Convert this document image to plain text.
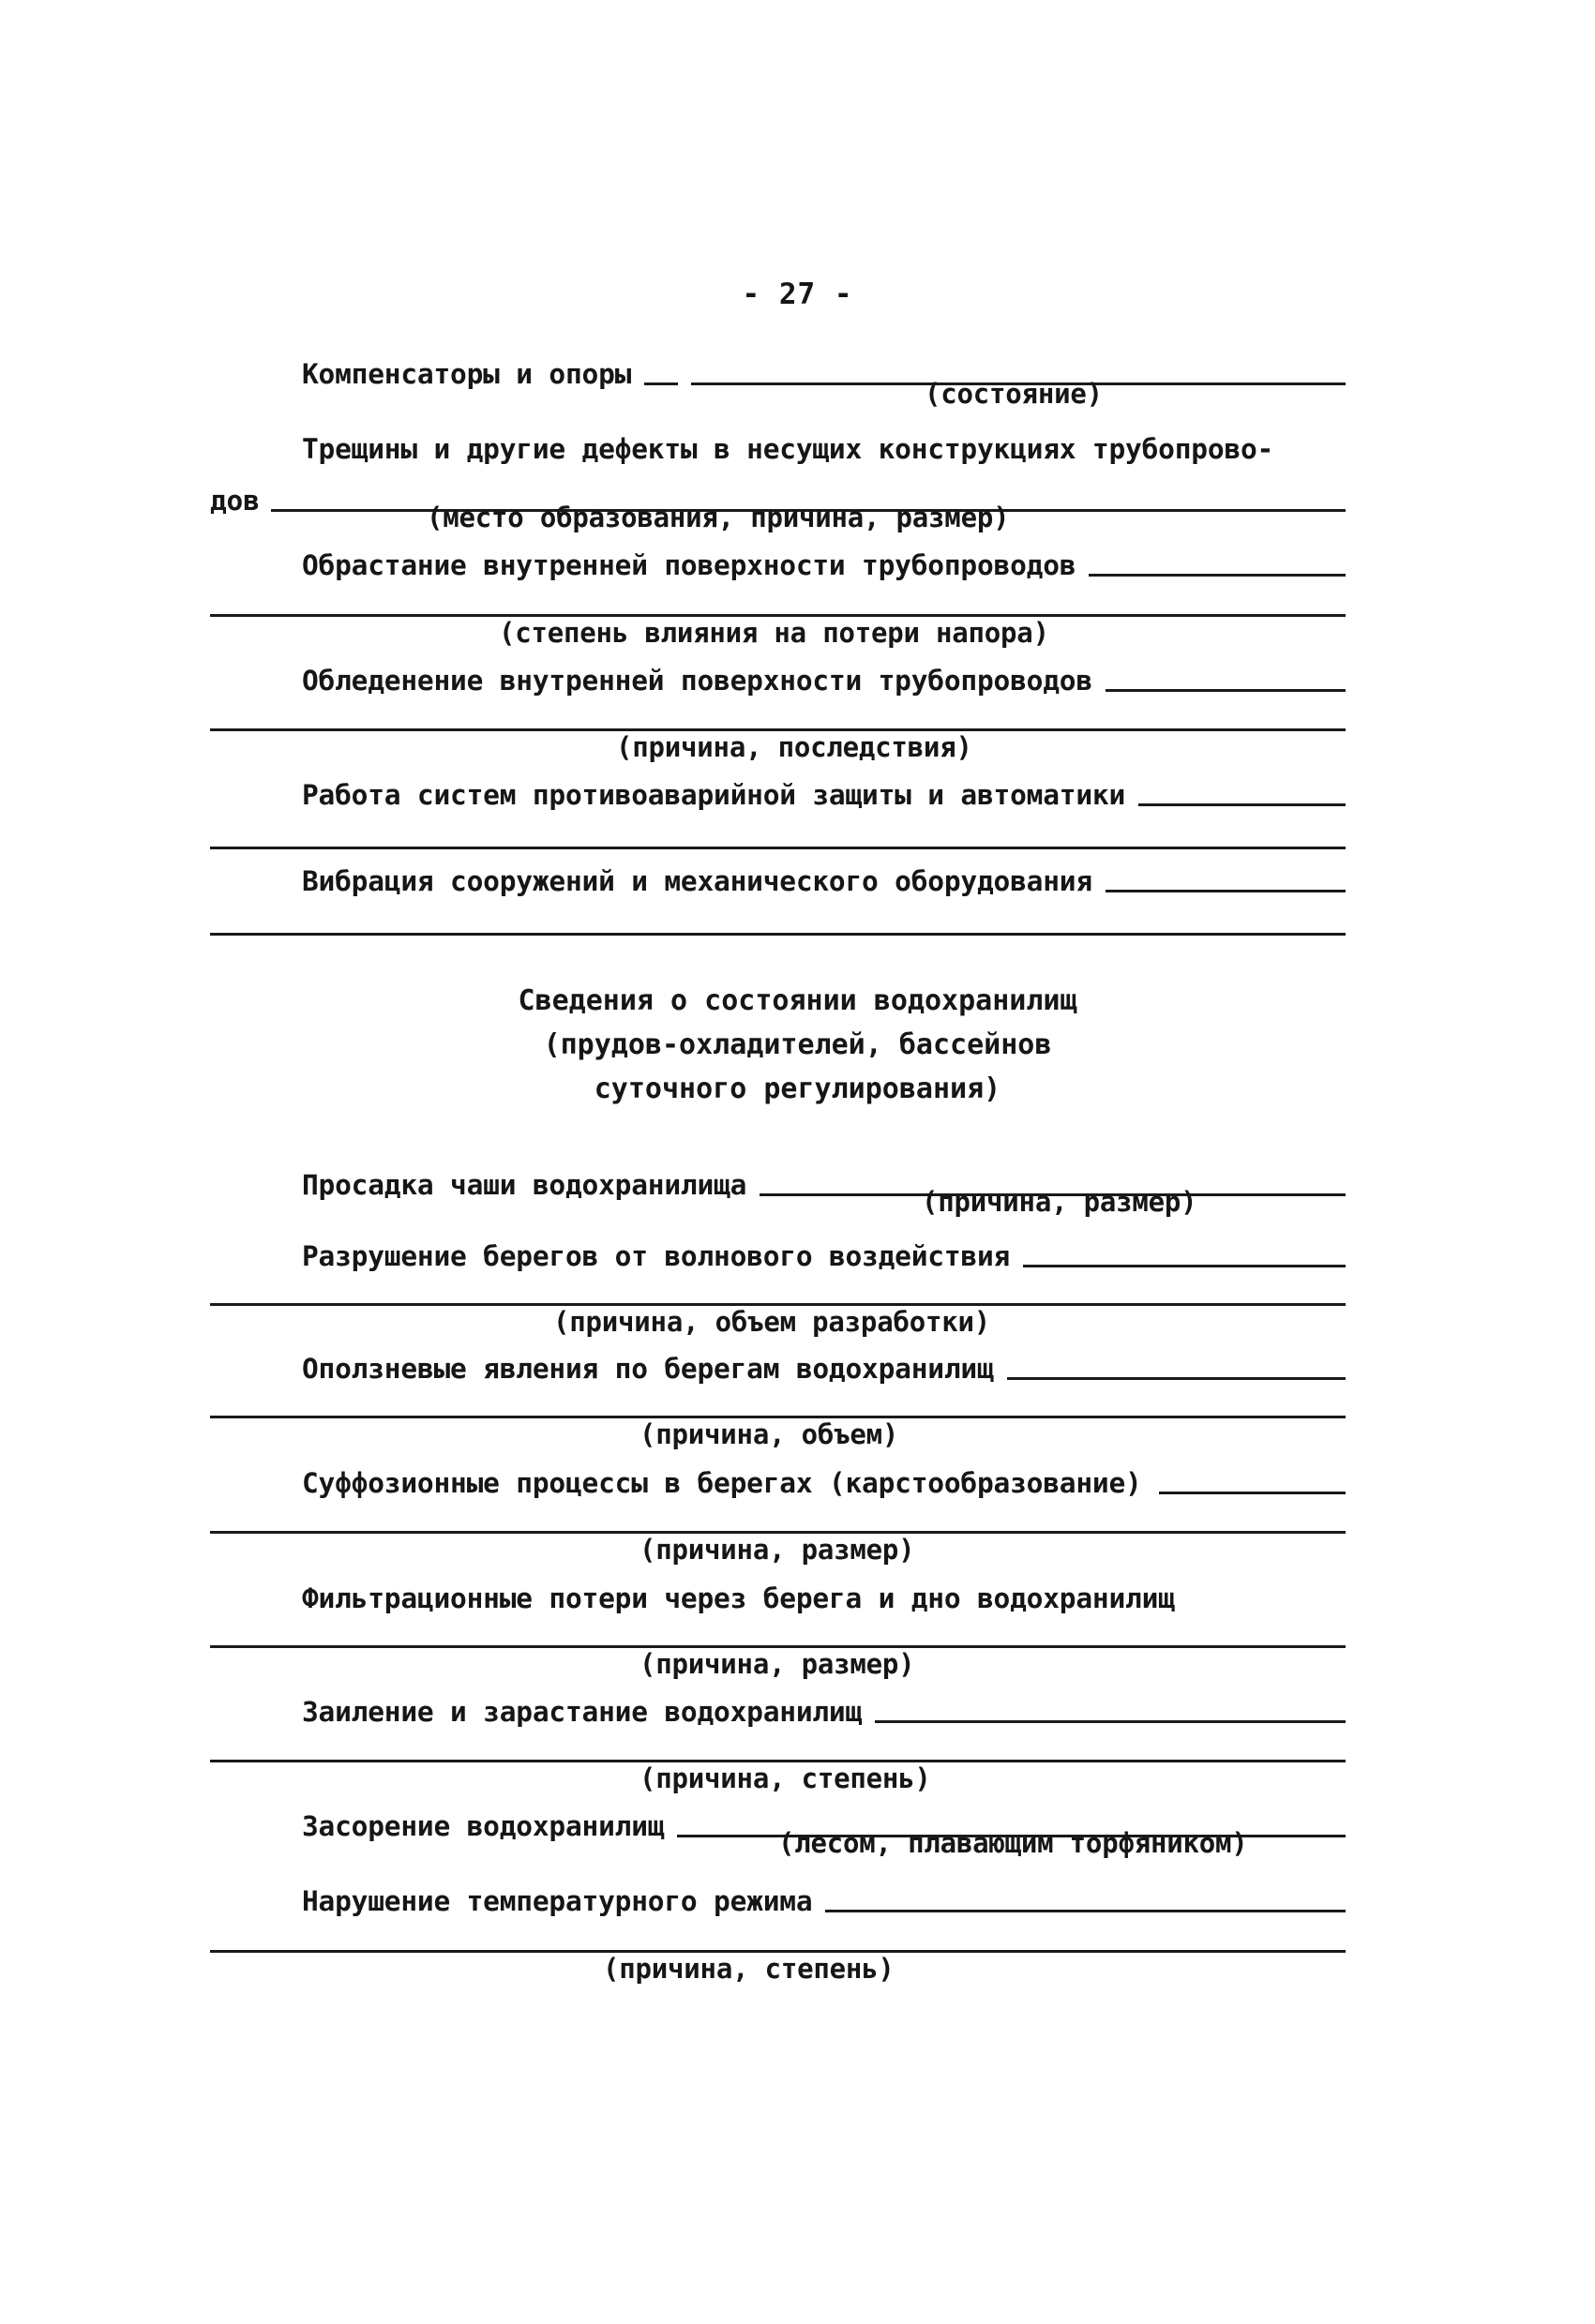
- 27 -
Компенсаторы и опоры
(состояние)
Трещины и другие дефекты в несущих конструкциях трубопрово-
дов
(место образования, причина, размер)
Обрастание внутренней поверхности трубопроводов
(степень влияния на потери напора)
Обледенение внутренней поверхности трубопроводов
(причина, последствия)
Работа систем противоаварийной защиты и автоматики
Вибрация сооружений и механического оборудования
Сведения о состоянии водохранилищ
(прудов-охладителей, бассейнов
суточного регулирования)
Просадка чаши водохранилища
(причина, размер)
Разрушение берегов от волнового воздействия
(причина, объем разработки)
Оползневые явления по берегам водохранилищ
(причина, объем)
Суффозионные процессы в берегах (карстообразование)
(причина, размер)
Фильтрационные потери через берега и дно водохранилищ
(причина, размер)
Заиление и зарастание водохранилищ
(причина, степень)
Засорение водохранилищ
(лесом, плавающим торфяником)
Нарушение температурного режима
(причина, степень)
